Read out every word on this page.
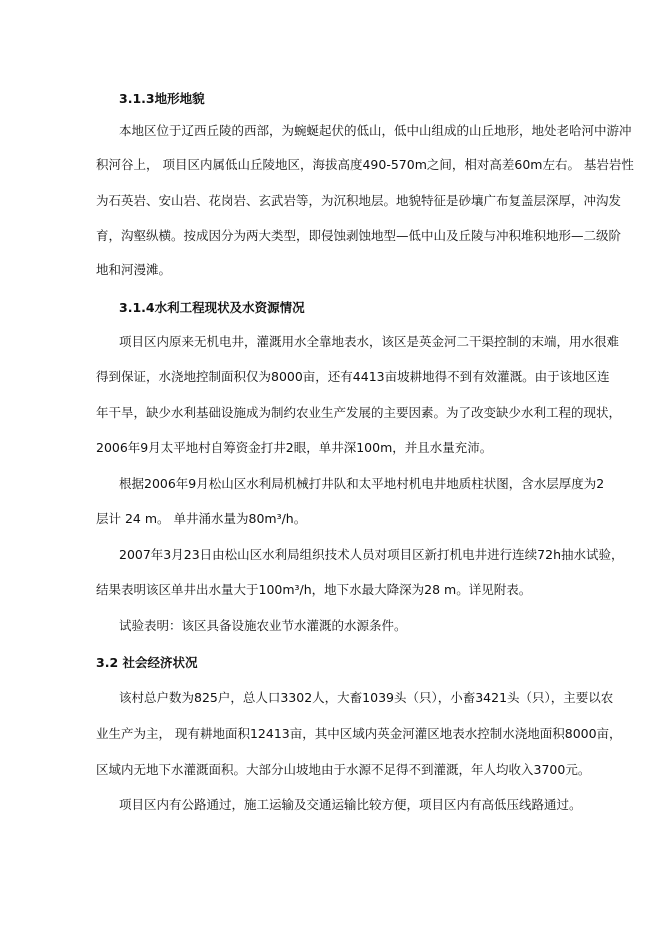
3.1.3地形地貌
本地区位于辽西丘陵的西部，为蜿蜒起伏的低山，低中山组成的山丘地形，地处老哈河中游冲
积河谷上， 项目区内属低山丘陵地区，海拔高度490-570m之间，相对高差60m左右。 基岩岩性
为石英岩、安山岩、花岗岩、玄武岩等，为沉积地层。地貌特征是砂壤广布复盖层深厚，冲沟发
育，沟壑纵横。按成因分为两大类型，即侵蚀剥蚀地型—低中山及丘陵与冲积堆积地形—二级阶
地和河漫滩。
3.1.4水利工程现状及水资源情况
项目区内原来无机电井，灌溉用水全靠地表水，该区是英金河二干渠控制的末端，用水很难
得到保证，水浇地控制面积仅为8000亩，还有4413亩坡耕地得不到有效灌溉。由于该地区连
年干旱，缺少水利基础设施成为制约农业生产发展的主要因素。为了改变缺少水利工程的现状，
2006年9月太平地村自筹资金打井2眼，单井深100m，并且水量充沛。
根据2006年9月松山区水利局机械打井队和太平地村机电井地质柱状图，含水层厚度为2
层计 24 m。 单井涌水量为80m³/h。
2007年3月23日由松山区水利局组织技术人员对项目区新打机电井进行连续72h抽水试验，
结果表明该区单井出水量大于100m³/h，地下水最大降深为28 m。详见附表。
试验表明：该区具备设施农业节水灌溉的水源条件。
3.2 社会经济状况
该村总户数为825户，总人口3302人，大畜1039头（只），小畜3421头（只），主要以农
业生产为主， 现有耕地面积12413亩，其中区域内英金河灌区地表水控制水浇地面积8000亩，
区域内无地下水灌溉面积。大部分山坡地由于水源不足得不到灌溉，年人均收入3700元。
项目区内有公路通过，施工运输及交通运输比较方便，项目区内有高低压线路通过。
